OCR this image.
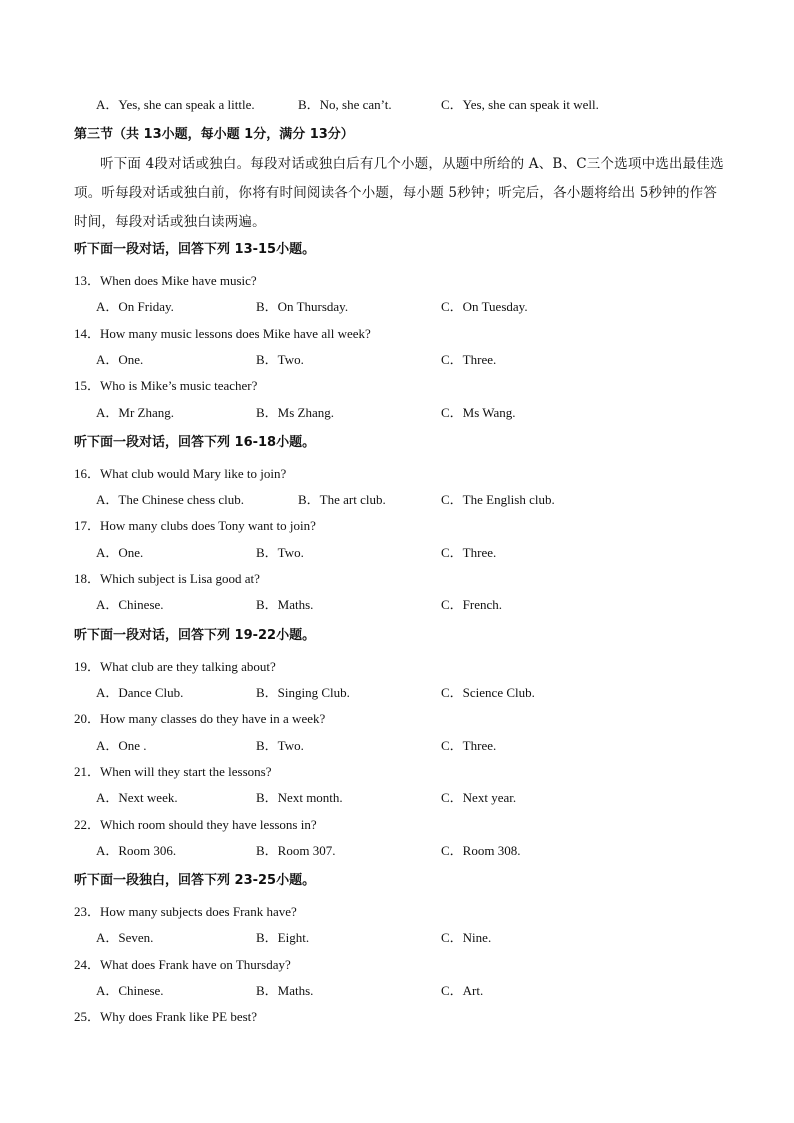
A．Yes, she can speak a little.	B．No, she can’t.	C．Yes, she can speak it well.
第三节（共 13小题，每小题 1分，满分 13分）
听下面 4段对话或独白。每段对话或独白后有几个小题，从题中所给的 A、B、C三个选项中选出最佳选项。听每段对话或独白前，你将有时间阅读各个小题，每小题 5秒钟；听完后，各小题将给出 5秒钟的作答时间，每段对话或独白读两遍。
听下面一段对话，回答下列 13-15小题。
13．When does Mike have music?
A．On Friday.	B．On Thursday.	C．On Tuesday.
14．How many music lessons does Mike have all week?
A．One.	B．Two.	C．Three.
15．Who is Mike’s music teacher?
A．Mr Zhang.	B．Ms Zhang.	C．Ms Wang.
听下面一段对话，回答下列 16-18小题。
16．What club would Mary like to join?
A．The Chinese chess club.	B．The art club.	C．The English club.
17．How many clubs does Tony want to join?
A．One.	B．Two.	C．Three.
18．Which subject is Lisa good at?
A．Chinese.	B．Maths.	C．French.
听下面一段对话，回答下列 19-22小题。
19．What club are they talking about?
A．Dance Club.	B．Singing Club.	C．Science Club.
20．How many classes do they have in a week?
A．One .	B．Two.	C．Three.
21．When will they start the lessons?
A．Next week.	B．Next month.	C．Next year.
22．Which room should they have lessons in?
A．Room 306.	B．Room 307.	C．Room 308.
听下面一段独白，回答下列 23-25小题。
23．How many subjects does Frank have?
A．Seven.	B．Eight.	C．Nine.
24．What does Frank have on Thursday?
A．Chinese.	B．Maths.	C．Art.
25．Why does Frank like PE best?
